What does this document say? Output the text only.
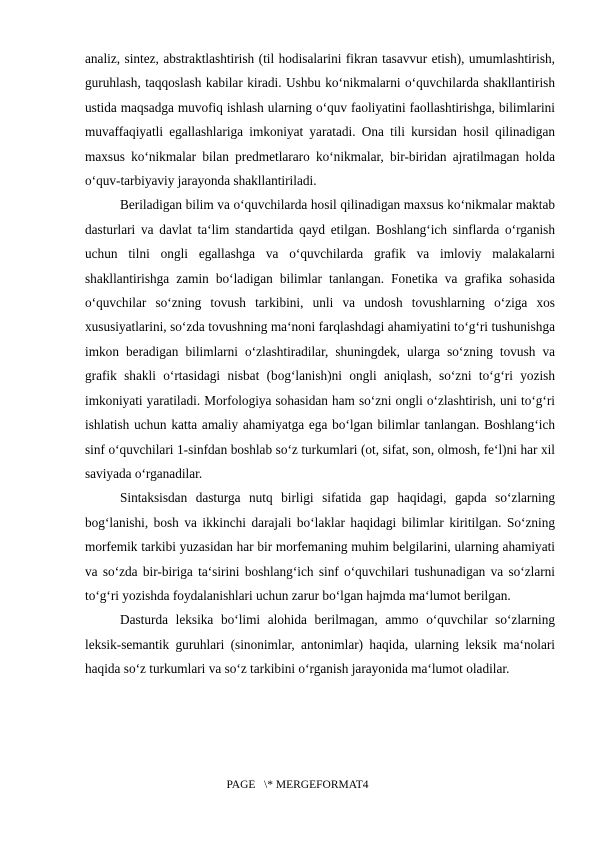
analiz, sintez, abstraktlashtirish (til hodisalarini fikran tasavvur etish), umumlashtirish, guruhlash, taqqoslash kabilar kiradi. Ushbu ko‘nikmalarni o‘quvchilarda shakllantirish ustida maqsadga muvofiq ishlash ularning o‘quv faoliyatini faollashtirishga, bilimlarini muvaffaqiyatli egallashlariga imkoniyat yaratadi. Ona tili kursidan hosil qilinadigan maxsus ko‘nikmalar bilan predmetlararo ko‘nikmalar, bir-biridan ajratilmagan holda o‘quv-tarbiyaviy jarayonda shakllantiriladi.

Beriladigan bilim va o‘quvchilarda hosil qilinadigan maxsus ko‘nikmalar maktab dasturlari va davlat ta‘lim standartida qayd etilgan. Boshlang‘ich sinflarda o‘rganish uchun tilni ongli egallashga va o‘quvchilarda grafik va imloviy malakalarni shakllantirishga zamin bo‘ladigan bilimlar tanlangan. Fonetika va grafika sohasida o‘quvchilar so‘zning tovush tarkibini, unli va undosh tovushlarning o‘ziga xos xususiyatlarini, so‘zda tovushning ma‘noni farqlashdagi ahamiyatini to‘g‘ri tushunishga imkon beradigan bilimlarni o‘zlashtiradilar, shuningdek, ularga so‘zning tovush va grafik shakli o‘rtasidagi nisbat (bog‘lanish)ni ongli aniqlash, so‘zni to‘g‘ri yozish imkoniyati yaratiladi. Morfologiya sohasidan ham so‘zni ongli o‘zlashtirish, uni to‘g‘ri ishlatish uchun katta amaliy ahamiyatga ega bo‘lgan bilimlar tanlangan. Boshlang‘ich sinf o‘quvchilari 1-sinfdan boshlab so‘z turkumlari (ot, sifat, son, olmosh, fe‘l)ni har xil saviyada o‘rganadilar.

Sintaksisdan dasturga nutq birligi sifatida gap haqidagi, gapda so‘zlarning bog‘lanishi, bosh va ikkinchi darajali bo‘laklar haqidagi bilimlar kiritilgan. So‘zning morfemik tarkibi yuzasidan har bir morfemaning muhim belgilarini, ularning ahamiyati va so‘zda bir-biriga ta‘sirini boshlang‘ich sinf o‘quvchilari tushunadigan va so‘zlarni to‘g‘ri yozishda foydalanishlari uchun zarur bo‘lgan hajmda ma‘lumot berilgan.

Dasturda leksika bo‘limi alohida berilmagan, ammo o‘quvchilar so‘zlarning leksik-semantik guruhlari (sinonimlar, antonimlar) haqida, ularning leksik ma‘nolari haqida so‘z turkumlari va so‘z tarkibini o‘rganish jarayonida ma‘lumot oladilar.

PAGE   \* MERGEFORMAT4
